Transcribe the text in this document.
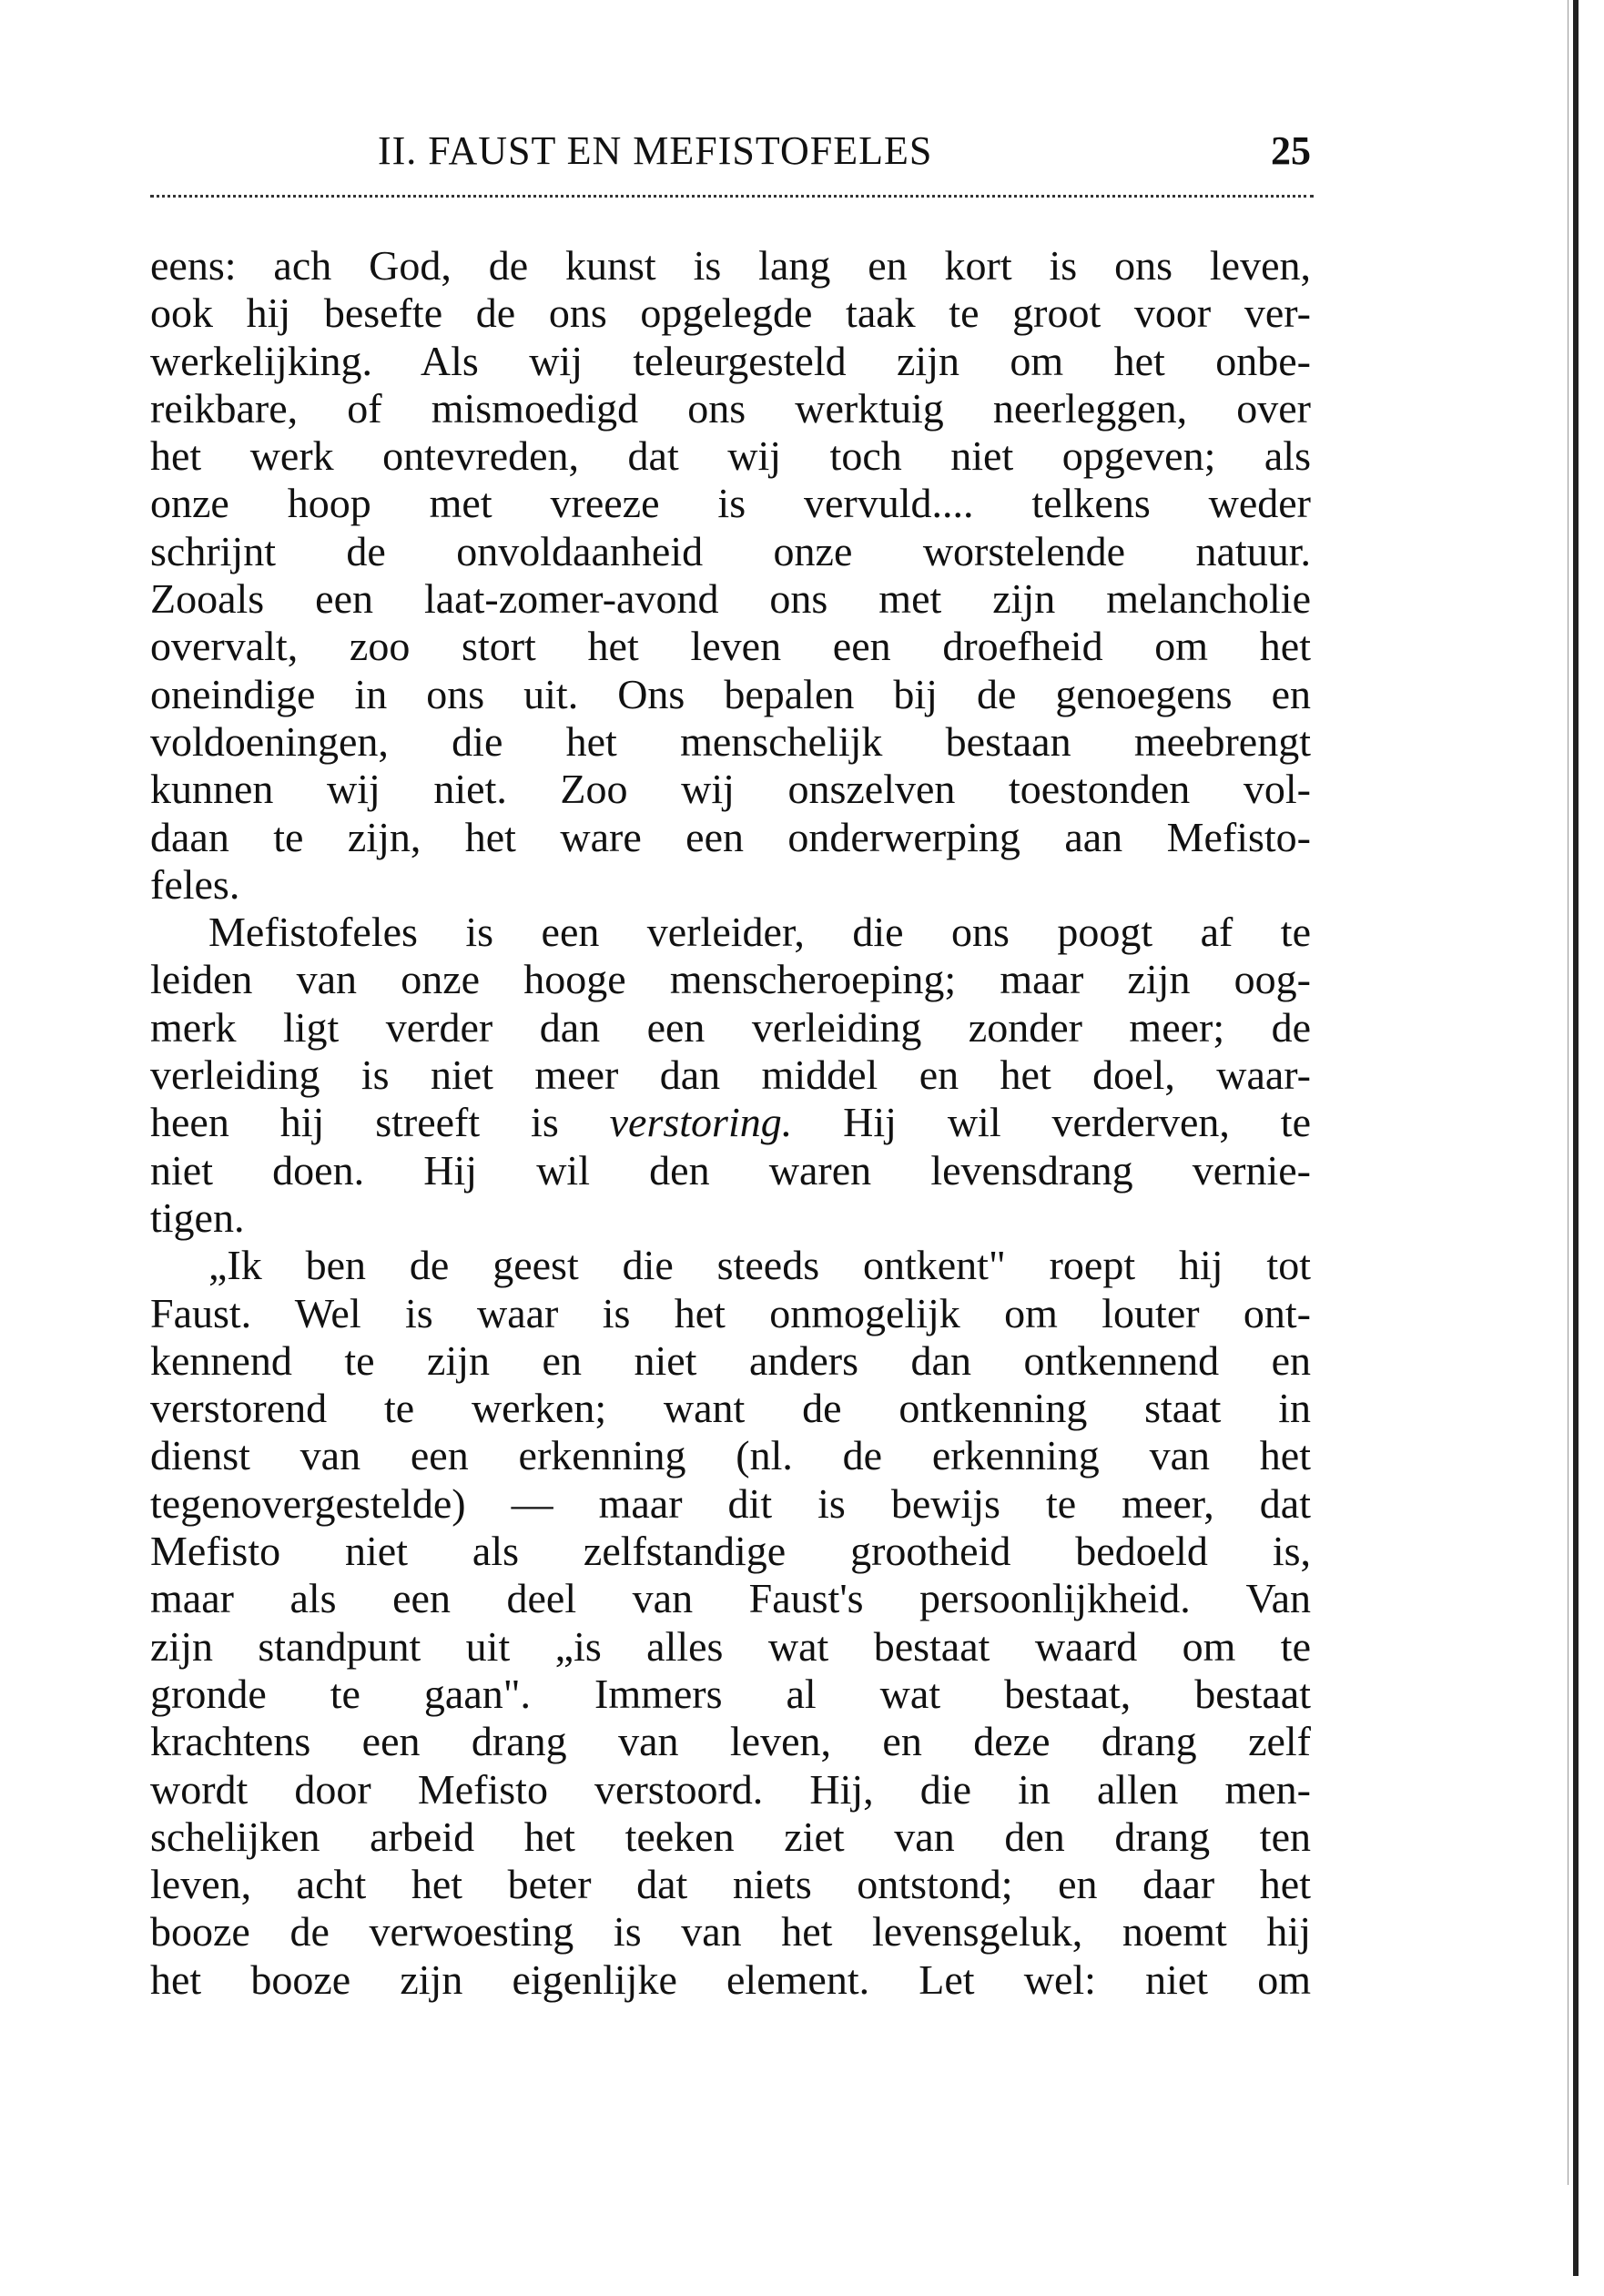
II. FAUST EN MEFISTOFELES	25
eens: ach God, de kunst is lang en kort is ons leven,
ook hij besefte de ons opgelegde taak te groot voor ver-
werkelijking. Als wij teleurgesteld zijn om het onbe-
reikbare, of mismoedigd ons werktuig neerleggen, over
het werk ontevreden, dat wij toch niet opgeven; als
onze hoop met vreeze is vervuld.... telkens weder
schrijnt de onvoldaanheid onze worstelende natuur.
Zooals een laat-zomer-avond ons met zijn melancholie
overvalt, zoo stort het leven een droefheid om het
oneindige in ons uit. Ons bepalen bij de genoegens en
voldoeningen, die het menschelijk bestaan meebrengt
kunnen wij niet. Zoo wij onszelven toestonden vol-
daan te zijn, het ware een onderwerping aan Mefisto-
feles.
Mefistofeles is een verleider, die ons poogt af te
leiden van onze hooge menscheroeping; maar zijn oog-
merk ligt verder dan een verleiding zonder meer; de
verleiding is niet meer dan middel en het doel, waar-
heen hij streeft is verstoring. Hij wil verderven, te
niet doen. Hij wil den waren levensdrang vernie-
tigen.
„Ik ben de geest die steeds ontkent" roept hij tot
Faust. Wel is waar is het onmogelijk om louter ont-
kennend te zijn en niet anders dan ontkennend en
verstorend te werken; want de ontkenning staat in
dienst van een erkenning (nl. de erkenning van het
tegenovergestelde) — maar dit is bewijs te meer, dat
Mefisto niet als zelfstandige grootheid bedoeld is,
maar als een deel van Faust's persoonlijkheid. Van
zijn standpunt uit „is alles wat bestaat waard om te
gronde te gaan". Immers al wat bestaat, bestaat
krachtens een drang van leven, en deze drang zelf
wordt door Mefisto verstoord. Hij, die in allen men-
schelijken arbeid het teeken ziet van den drang ten
leven, acht het beter dat niets ontstond; en daar het
booze de verwoesting is van het levensgeluk, noemt hij
het booze zijn eigenlijke element. Let wel: niet om
